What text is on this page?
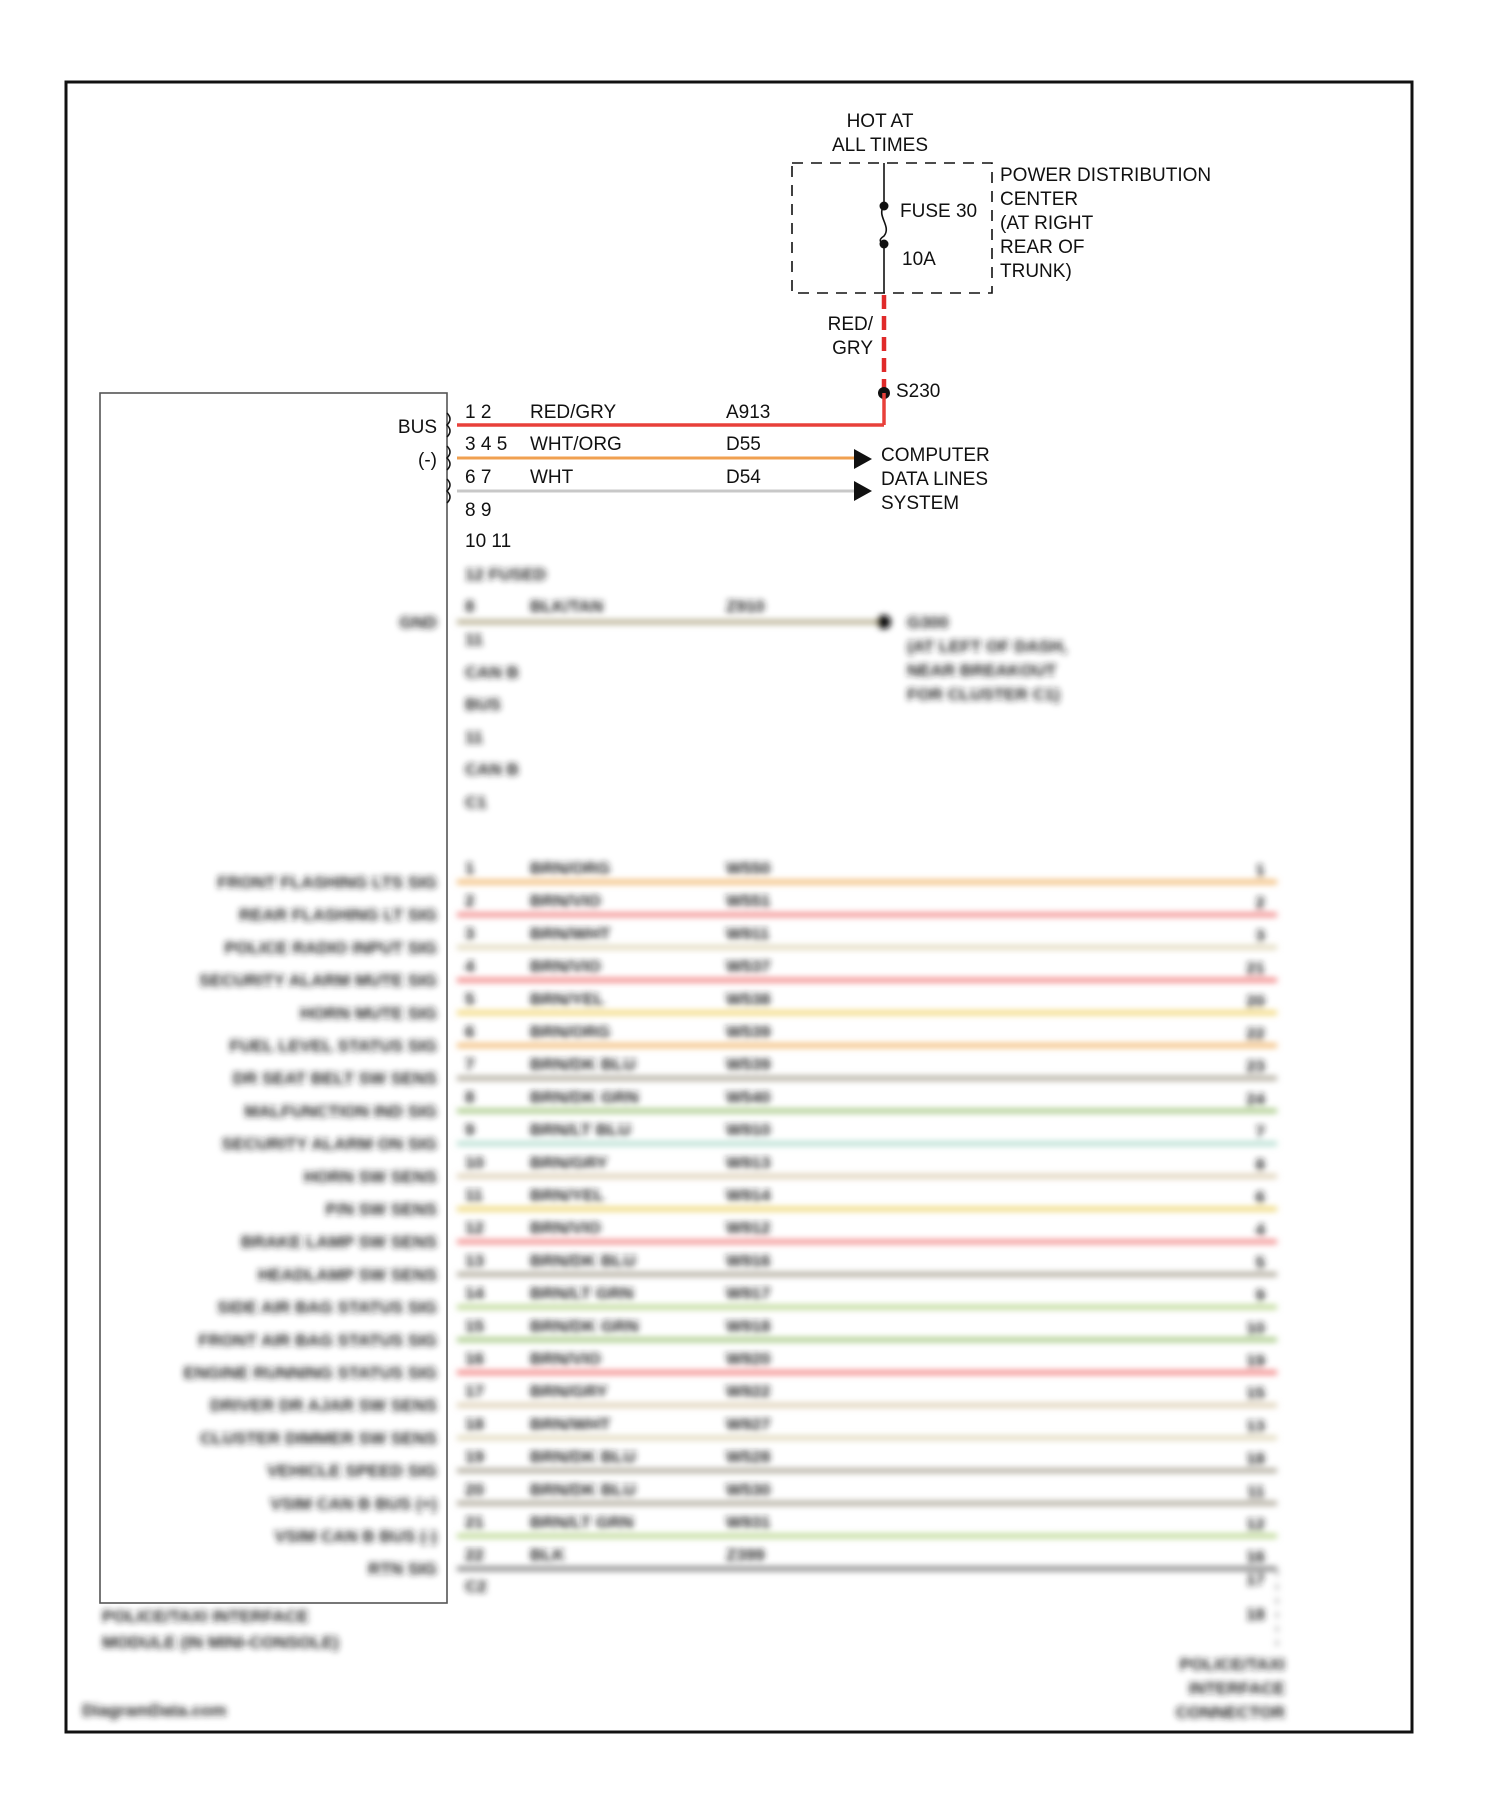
HOT AT
ALL TIMES
FUSE 30
10A
POWER DISTRIBUTION
CENTER
(AT RIGHT
REAR OF
TRUNK)
RED/
GRY
S230
BUS
(-)
1 2 RED/GRY	A913
3 4 5 WHT/ORG	D55
6 7 WHT	D54
8 9
10 11
COMPUTER
DATA LINES
SYSTEM
12 FUSED
GND
8	BLK/TAN	Z910
G300
(AT LEFT OF DASH,
NEAR BREAKOUT
FOR CLUSTER C1)
11
CAN B
BUS
11
CAN B
C1
FRONT FLASHING LTS SIG
1	BRN/ORG	W550	1
REAR FLASHING LT SIG
2	BRN/VIO	W551	2
POLICE RADIO INPUT SIG
3	BRN/WHT	W911	3
SECURITY ALARM MUTE SIG
4	BRN/VIO	W537	21
HORN MUTE SIG
5	BRN/YEL	W538	20
FUEL LEVEL STATUS SIG
6	BRN/ORG	W539	22
DR SEAT BELT SW SENS
7	BRN/DK BLU	W539	23
MALFUNCTION IND SIG
8	BRN/DK GRN	W540	24
SECURITY ALARM ON SIG
9	BRN/LT BLU	W910	7
HORN SW SENS
10	BRN/GRY	W913	8
P/N SW SENS
11	BRN/YEL	W914	6
BRAKE LAMP SW SENS
12	BRN/VIO	W912	4
HEADLAMP SW SENS
13	BRN/DK BLU	W916	5
SIDE AIR BAG STATUS SIG
14	BRN/LT GRN	W917	9
FRONT AIR BAG STATUS SIG
15	BRN/DK GRN	W918	10
ENGINE RUNNING STATUS SIG
16	BRN/VIO	W920	19
DRIVER DR AJAR SW SENS
17	BRN/GRY	W922	15
CLUSTER DIMMER SW SENS
18	BRN/WHT	W927	13
VEHICLE SPEED SIG
19	BRN/DK BLU	W528	18
VSIM CAN B BUS (+)
20	BRN/DK BLU	W530	11
VSIM CAN B BUS (-)
21	BRN/LT GRN	W931	12
RTN SIG
22	BLK	Z399	16
C2	17
18
POLICE/TAXI INTERFACE
MODULE (IN MINI-CONSOLE)
POLICE/TAXI
INTERFACE
CONNECTOR
DiagramData.com
